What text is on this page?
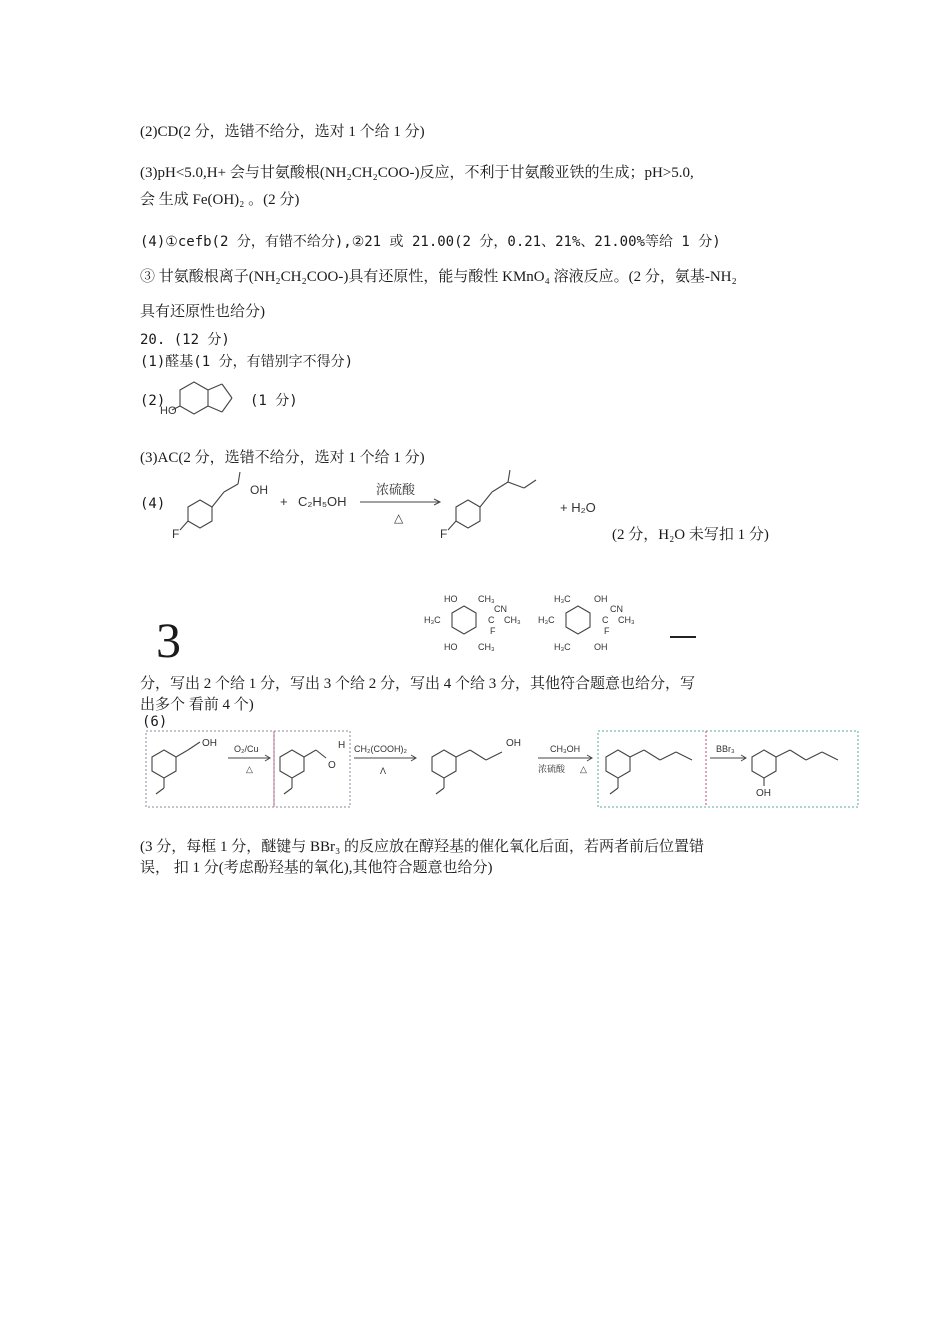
(2)CD(2 分，选错不给分，选对 1 个给 1 分)
(3)pH<5.0,H+ 会与甘氨酸根(NH₂CH₂COO-)反应，不利于甘氨酸亚铁的生成；pH>5.0,
会 生成 Fe(OH)₂ 。(2 分)
(4)①cefb(2 分，有错不给分),②21 或 21.00(2 分，0.21、21%、21.00%等给 1 分)
③ 甘氨酸根离子(NH₂CH₂COO-)具有还原性，能与酸性 KMnO₄ 溶液反应。(2 分，氨基-NH₂
具有还原性也给分)
20. (12 分)
(1)醛基(1 分，有错别字不得分)
(2)
HO
(1 分)
(3)AC(2 分，选错不给分，选对 1 个给 1 分)
(4)
F
OH
+ C₂H₅OH
浓硫酸
△
F
+ H₂O
(2 分，H₂O 未写扣 1 分)
3
HO CH₃
CN
H₃C	C CH₃
F
HO CH₃
H₃C	OH
CN
H₃C	C CH₃
F
H₃C	OH
分，写出 2 个给 1 分，写出 3 个给 2 分，写出 4 个给 3 分，其他符合题意也给分，写
出多个 看前 4 个)
(6)
OH O₂/Cu
△
H
O
CH₂(COOH)₂
Λ
OH	CH₃OH
浓硫酸 △
BBr₃
OH
(3 分，每框 1 分，醚键与 BBr₃ 的反应放在醇羟基的催化氧化后面，若两者前后位置错
误， 扣 1 分(考虑酚羟基的氧化),其他符合题意也给分)
